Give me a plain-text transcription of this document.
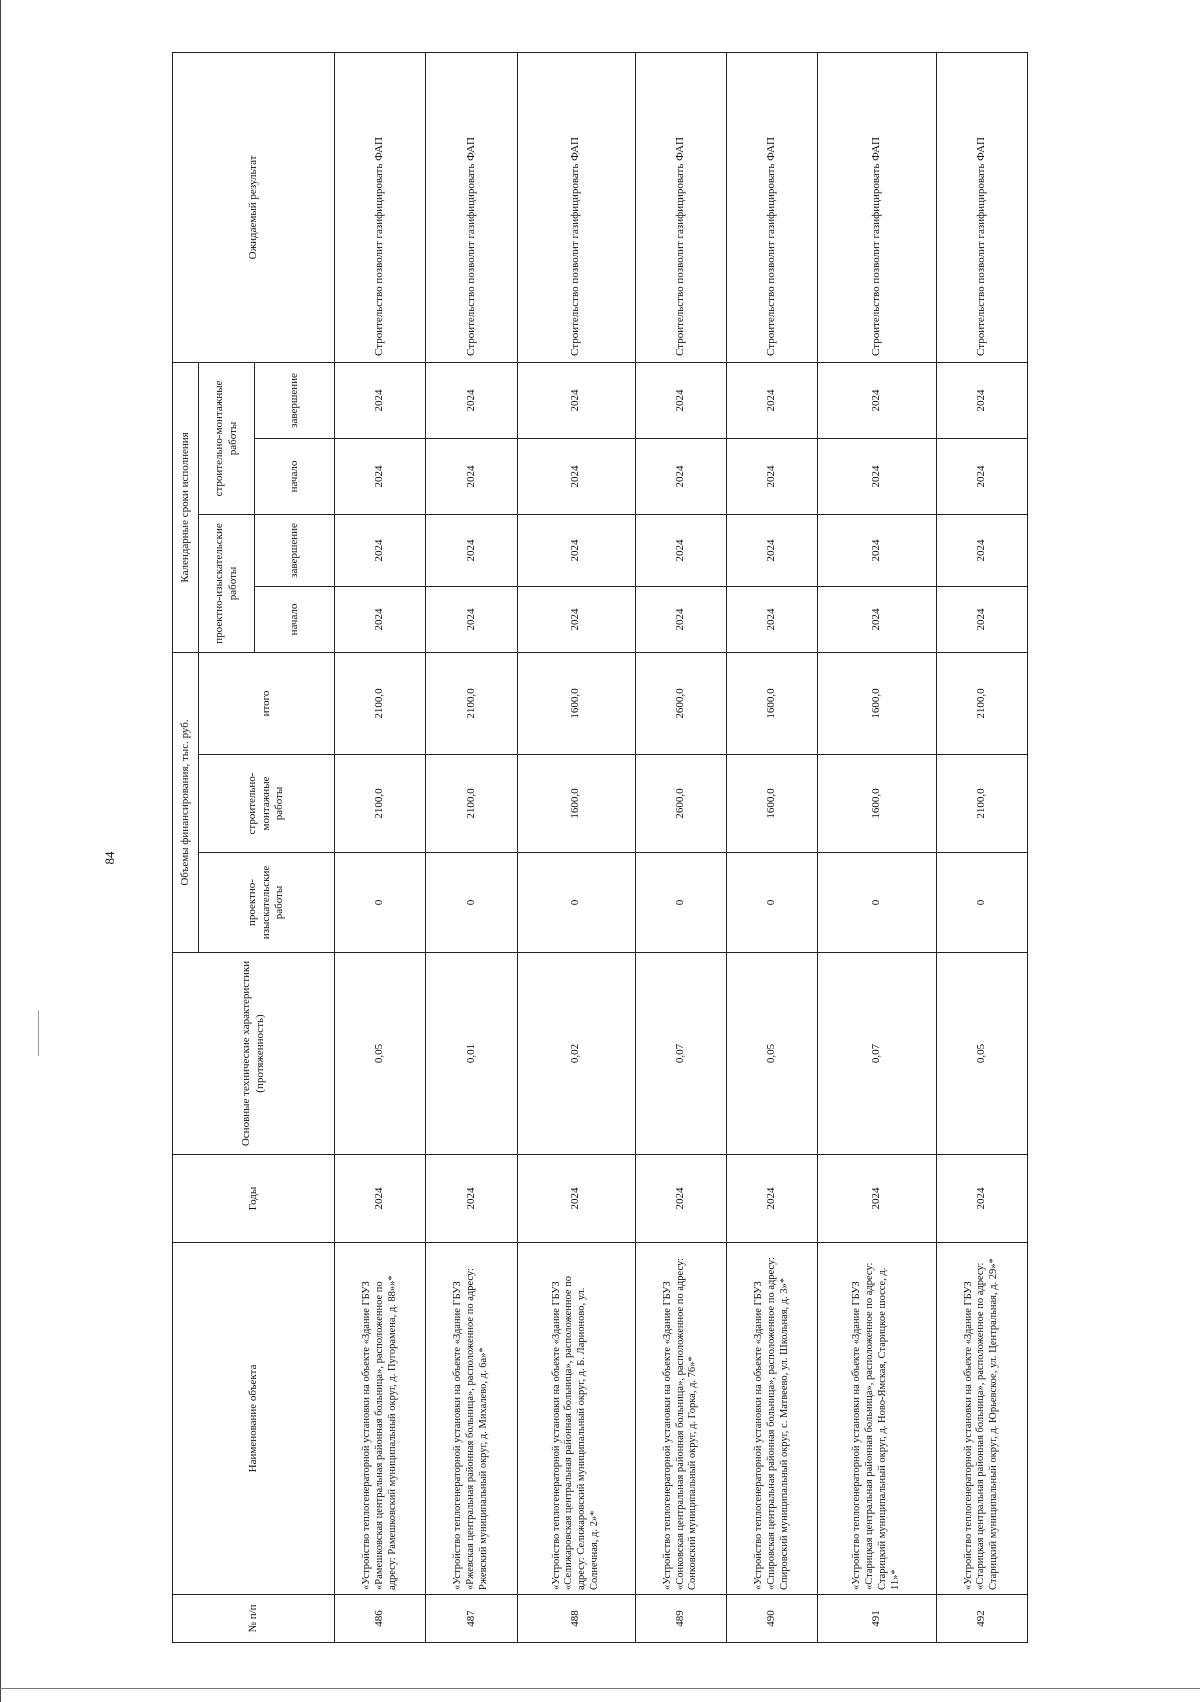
84
№ п/п	Наименование объекта	Годы	Основные технические характеристики (протяженность)	Объемы финансирования, тыс. руб.			Календарные сроки исполнения				Ожидаемый результат
				проектно-изыскательские работы	строительно-монтажные работы	итого	проектно-изыскательские работы		строительно-монтажные работы		
							начало	завершение	начало	завершение	
486	«Устройство теплогенераторной установки на объекте «Здание ГБУЗ «Рамешковская центральная районная больница», расположенное по адресу: Рамешковский муниципальный округ, д. Пугорамена, д. 88»»*	2024	0,05	0	2100,0	2100,0	2024	2024	2024	2024	Строительство позволит газифицировать ФАП
487	«Устройство теплогенераторной установки на объекте «Здание ГБУЗ «Ржевская центральная районная больница», расположенное по адресу: Ржевский муниципальный округ, д. Михалево, д. 6а»*	2024	0,01	0	2100,0	2100,0	2024	2024	2024	2024	Строительство позволит газифицировать ФАП
488	«Устройство теплогенераторной установки на объекте «Здание ГБУЗ «Селижаровская центральная районная больница», расположенное по адресу: Селижаровский муниципальный округ, д. Б. Ларионово, ул. Солнечная, д. 2»*	2024	0,02	0	1600,0	1600,0	2024	2024	2024	2024	Строительство позволит газифицировать ФАП
489	«Устройство теплогенераторной установки на объекте «Здание ГБУЗ «Сонковская центральная районная больница», расположенное по адресу: Сонковский муниципальный округ, д. Горка, д. 76»*	2024	0,07	0	2600,0	2600,0	2024	2024	2024	2024	Строительство позволит газифицировать ФАП
490	«Устройство теплогенераторной установки на объекте «Здание ГБУЗ «Спировская центральная районная больница», расположенное по адресу: Спировский муниципальный округ, с. Матвеево, ул. Школьная, д. 3»*	2024	0,05	0	1600,0	1600,0	2024	2024	2024	2024	Строительство позволит газифицировать ФАП
491	«Устройство теплогенераторной установки на объекте «Здание ГБУЗ «Старицкая центральная районная больница», расположенное по адресу: Старицкий муниципальный округ, д. Ново-Ямская, Старицкое шоссе, д. 11»*	2024	0,07	0	1600,0	1600,0	2024	2024	2024	2024	Строительство позволит газифицировать ФАП
492	«Устройство теплогенераторной установки на объекте «Здание ГБУЗ «Старицкая центральная районная больница», расположенное по адресу: Старицкий муниципальный округ, д. Юрьевское, ул. Центральная, д. 29»*	2024	0,05	0	2100,0	2100,0	2024	2024	2024	2024	Строительство позволит газифицировать ФАП
